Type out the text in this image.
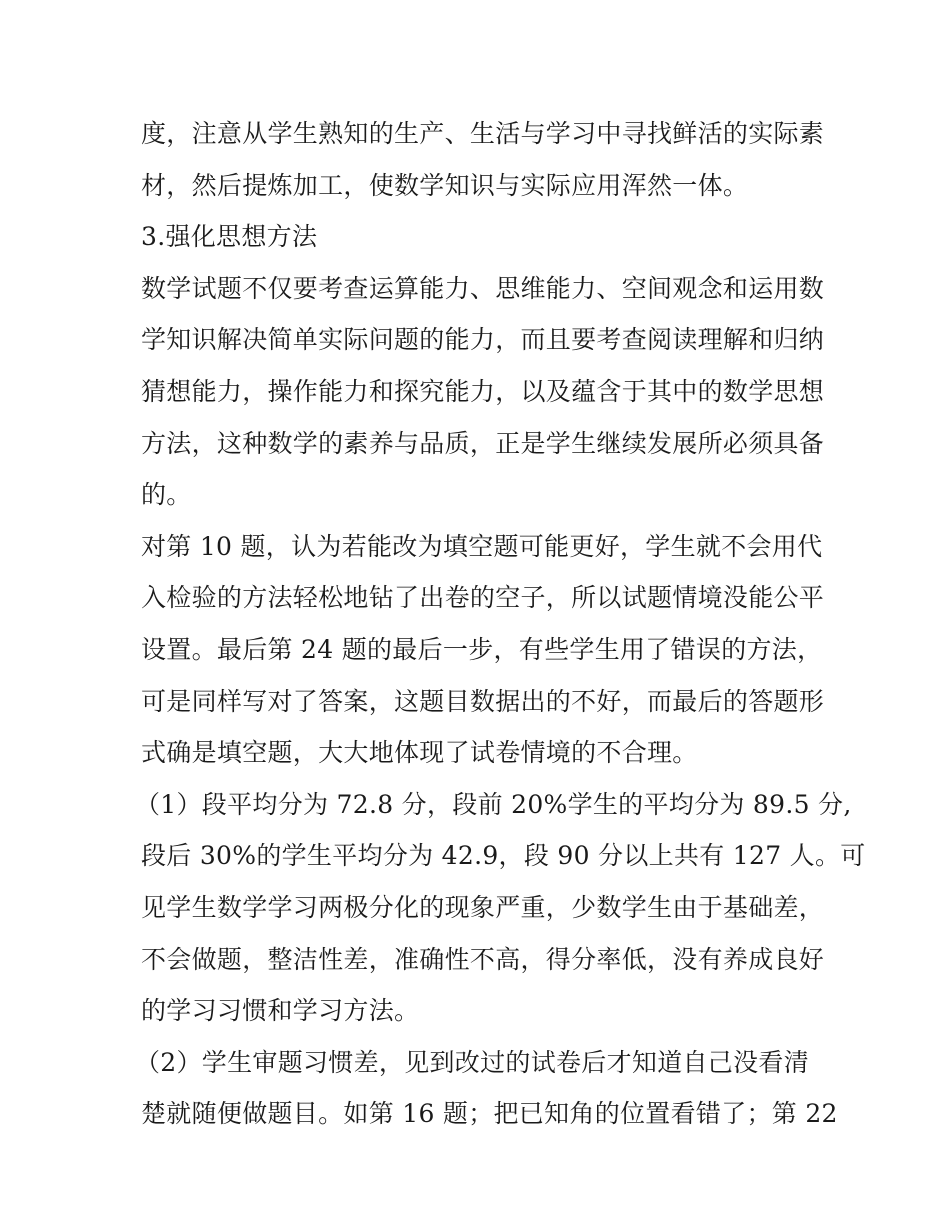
度，注意从学生熟知的生产、生活与学习中寻找鲜活的实际素
材，然后提炼加工，使数学知识与实际应用浑然一体。
3.强化思想方法
数学试题不仅要考查运算能力、思维能力、空间观念和运用数
学知识解决简单实际问题的能力，而且要考查阅读理解和归纳
猜想能力，操作能力和探究能力，以及蕴含于其中的数学思想
方法，这种数学的素养与品质，正是学生继续发展所必须具备
的。
对第 10 题，认为若能改为填空题可能更好，学生就不会用代
入检验的方法轻松地钻了出卷的空子，所以试题情境没能公平
设置。最后第 24 题的最后一步，有些学生用了错误的方法，
可是同样写对了答案，这题目数据出的不好，而最后的答题形
式确是填空题，大大地体现了试卷情境的不合理。
（1）段平均分为 72.8 分，段前 20%学生的平均分为 89.5 分,
段后 30%的学生平均分为 42.9，段 90 分以上共有 127 人。可
见学生数学学习两极分化的现象严重，少数学生由于基础差，
不会做题，整洁性差，准确性不高，得分率低，没有养成良好
的学习习惯和学习方法。
（2）学生审题习惯差，见到改过的试卷后才知道自己没看清
楚就随便做题目。如第 16 题；把已知角的位置看错了；第 22
